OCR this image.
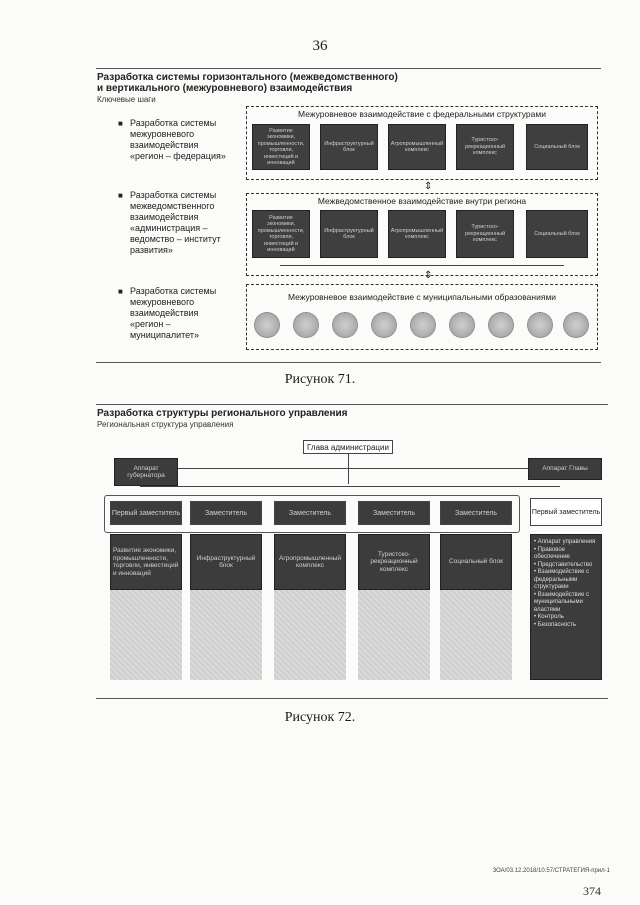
36
Разработка системы горизонтального (межведомственного)
и вертикального (межуровневого) взаимодействия
Ключевые шаги
■ Разработка системы
межуровневого
взаимодействия
«регион – федерация»
■ Разработка системы
межведомственного
взаимодействия
«администрация –
ведомство – институт
развития»
■ Разработка системы
межуровневого
взаимодействия
«регион –
муниципалитет»
Межуровневое взаимодействие с федеральными структурами
Развитие экономики, промышленности, торговли, инвестиций и инноваций
Инфраструктурный блок
Агропромышленный комплекс
Туристско-рекреационный комплекс
Социальный блок
⇕
⇕
Межведомственное взаимодействие внутри региона
Развитие экономики, промышленности, торговли, инвестиций и инноваций
Инфраструктурный блок
Агропромышленный комплекс
Туристско-рекреационный комплекс
Социальный блок
Межуровневое взаимодействие с муниципальными образованиями
Рисунок 71.
Разработка структуры регионального управления
Региональная структура управления
Глава администрации
Аппарат губернатора
Аппарат Главы
Первый заместитель	Заместитель	Заместитель	Заместитель	Заместитель	Первый заместитель
Развитие экономики, промышленности, торговли, инвестиций и инноваций
Инфраструктурный блок
Агропромышленный комплекс
Туристско-рекреационный комплекс
Социальный блок
• Аппарат управления
• Правовое обеспечение
• Представительство
• Взаимодействие с федеральными структурами
• Взаимодействие с муниципальными властями
• Контроль
• Безопасность
Рисунок 72.
ЗОА/03.12.2018/10.57/СТРАТЕГИЯ-прил-1
374
